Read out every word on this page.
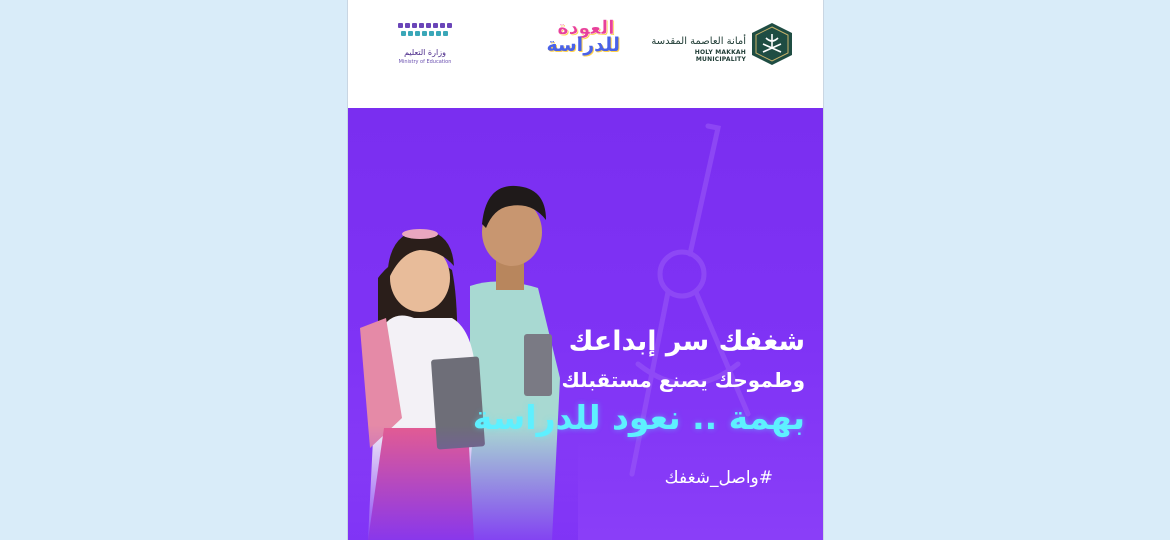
وزارة التعليم
Ministry of Education
العودة
للدراسة	أمانة العاصمة المقدسة
HOLY MAKKAH MUNICIPALITY
شغفك سر إبداعك
وطموحك يصنع مستقبلك
بهمة .. نعود للدراسة
#واصل_شغفك
